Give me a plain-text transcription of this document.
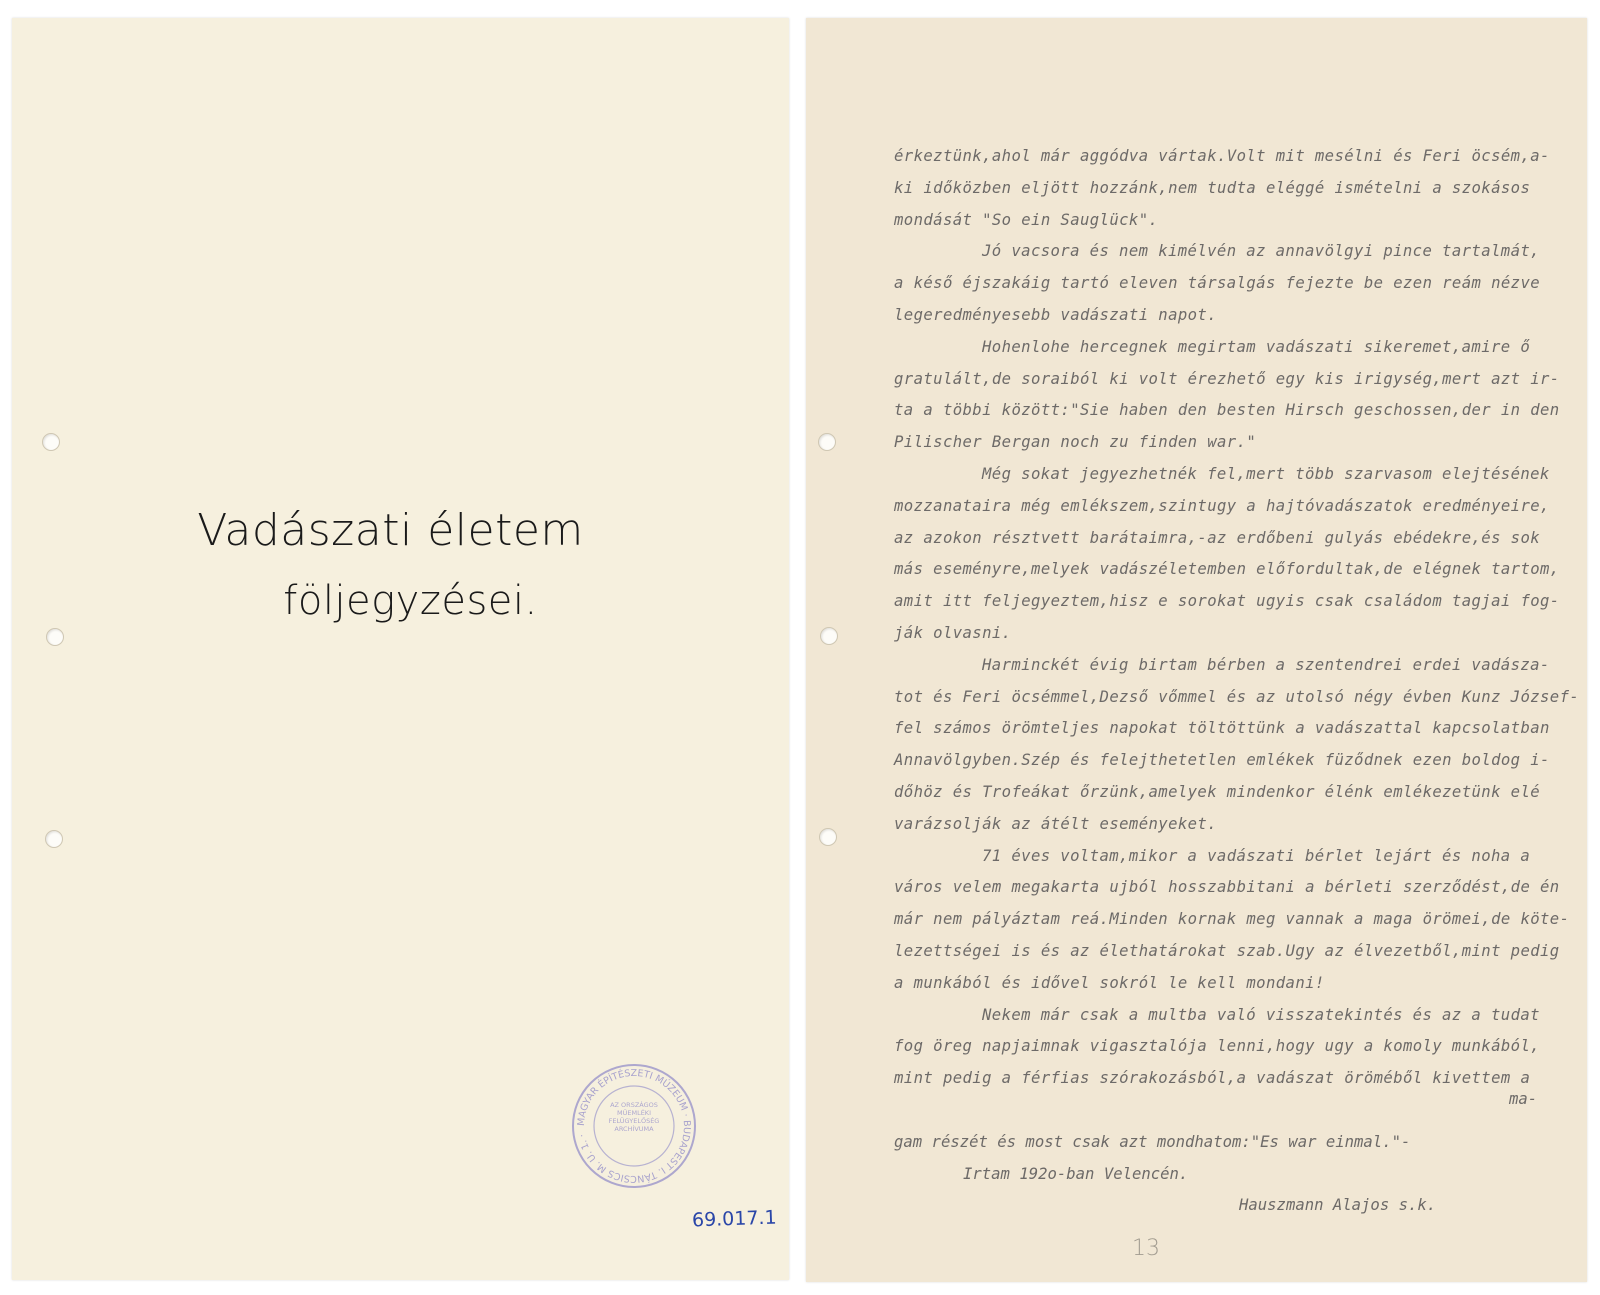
Vadászati életem
följegyzései.
MAGYAR ÉPÍTÉSZETI MÚZEUM · BUDAPEST I. TÁNCSICS M. U. 1. ·
AZ ORSZÁGOS MŰEMLÉKI FELÜGYELŐSÉG ARCHÍVUMA
69.017.1
érkeztünk,ahol már aggódva vártak.Volt mit mesélni és Feri öcsém,a-
ki időközben eljött hozzánk,nem tudta eléggé ismételni a szokásos
mondását "So ein Sauglück".
Jó vacsora és nem kimélvén az annavölgyi pince tartalmát,
a késő éjszakáig tartó eleven társalgás fejezte be ezen reám nézve
legeredményesebb vadászati napot.
Hohenlohe hercegnek megirtam vadászati sikeremet,amire ő
gratulált,de soraiból ki volt érezhető egy kis irigység,mert azt ir-
ta a többi között:"Sie haben den besten Hirsch geschossen,der in den
Pilischer Bergan noch zu finden war."
Még sokat jegyezhetnék fel,mert több szarvasom elejtésének
mozzanataira még emlékszem,szintugy a hajtóvadászatok eredményeire,
az azokon résztvett barátaimra,-az erdőbeni gulyás ebédekre,és sok
más eseményre,melyek vadászéletemben előfordultak,de elégnek tartom,
amit itt feljegyeztem,hisz e sorokat ugyis csak családom tagjai fog-
ják olvasni.
Harminckét évig birtam bérben a szentendrei erdei vadásza-
tot és Feri öcsémmel,Dezső vőmmel és az utolsó négy évben Kunz József-
fel számos örömteljes napokat töltöttünk a vadászattal kapcsolatban
Annavölgyben.Szép és felejthetetlen emlékek füződnek ezen boldog i-
dőhöz és Trofeákat őrzünk,amelyek mindenkor élénk emlékezetünk elé
varázsolják az átélt eseményeket.
71 éves voltam,mikor a vadászati bérlet lejárt és noha a
város velem megakarta ujból hosszabbitani a bérleti szerződést,de én
már nem pályáztam reá.Minden kornak meg vannak a maga örömei,de köte-
lezettségei is és az élethatárokat szab.Ugy az élvezetből,mint pedig
a munkából és idővel sokról le kell mondani!
Nekem már csak a multba való visszatekintés és az a tudat
fog öreg napjaimnak vigasztalója lenni,hogy ugy a komoly munkából,
mint pedig a férfias szórakozásból,a vadászat öröméből kivettem a
ma-
gam részét és most csak azt mondhatom:"Es war einmal."-
Irtam 192o-ban Velencén.
Hauszmann Alajos s.k.
13
